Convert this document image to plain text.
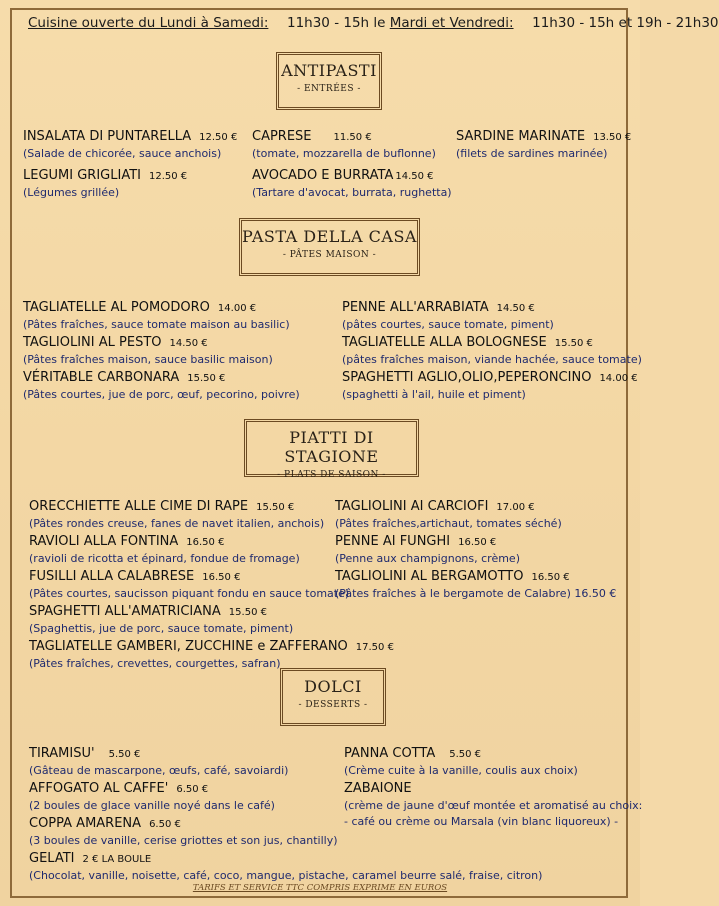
Cuisine ouverte du Lundi à Samedi: 11h30 - 15h le Mardi et Vendredi: 11h30 - 15h et 19h - 21h30
ANTIPASTI
- ENTRÉES -
INSALATA DI PUNTARELLA 12.50 €
(Salade de chicorée, sauce anchois)
CAPRESE 11.50 €
(tomate, mozzarella de buflonne)
SARDINE MARINATE 13.50 €
(filets de sardines marinée)
LEGUMI GRIGLIATI 12.50 €
(Légumes grillée)
AVOCADO E BURRATA 14.50 €
(Tartare d'avocat, burrata, rughetta)
PASTA DELLA CASA
- PÂTES MAISON -
TAGLIATELLE AL POMODORO 14.00 €
(Pâtes fraîches, sauce tomate maison au basilic)
PENNE ALL'ARRABIATA 14.50 €
(pâtes courtes, sauce tomate, piment)
TAGLIOLINI AL PESTO 14.50 €
(Pâtes fraîches maison, sauce basilic maison)
TAGLIATELLE ALLA BOLOGNESE 15.50 €
(pâtes fraîches maison, viande hachée, sauce tomate)
VÉRITABLE CARBONARA 15.50 €
(Pâtes courtes, jue de porc, œuf, pecorino, poivre)
SPAGHETTI AGLIO,OLIO,PEPERONCINO 14.00 €
(spaghetti à l'ail, huile et piment)
PIATTI DI STAGIONE
- PLATS DE SAISON -
ORECCHIETTE ALLE CIME DI RAPE 15.50 €
(Pâtes rondes creuse, fanes de navet italien, anchois)
TAGLIOLINI AI CARCIOFI 17.00 €
(Pâtes fraîches,artichaut, tomates séché)
RAVIOLI ALLA FONTINA 16.50 €
(ravioli de ricotta et épinard, fondue de fromage)
PENNE AI FUNGHI 16.50 €
(Penne aux champignons, crème)
FUSILLI ALLA CALABRESE 16.50 €
(Pâtes courtes, saucisson piquant fondu en sauce tomate)
TAGLIOLINI AL BERGAMOTTO 16.50 €
(Pâtes fraîches à le bergamote de Calabre) 16.50 €
SPAGHETTI ALL'AMATRICIANA 15.50 €
(Spaghettis, jue de porc, sauce tomate, piment)
TAGLIATELLE GAMBERI, ZUCCHINE e ZAFFERANO 17.50 €
(Pâtes fraîches, crevettes, courgettes, safran)
DOLCI
- DESSERTS -
TIRAMISU' 5.50 €
(Gâteau de mascarpone, œufs, café, savoiardi)
PANNA COTTA 5.50 €
(Crème cuite à la vanille, coulis aux choix)
AFFOGATO AL CAFFE' 6.50 €
(2 boules de glace vanille noyé dans le café)
ZABAIONE
(crème de jaune d'œuf montée et aromatisé au choix:
- café ou crème ou Marsala (vin blanc liquoreux) -
COPPA AMARENA 6.50 €
(3 boules de vanille, cerise griottes et son jus, chantilly)
GELATI 2 € LA BOULE
(Chocolat, vanille, noisette, café, coco, mangue, pistache, caramel beurre salé, fraise, citron)
TARIFS ET SERVICE TTC COMPRIS EXPRIME EN EUROS
